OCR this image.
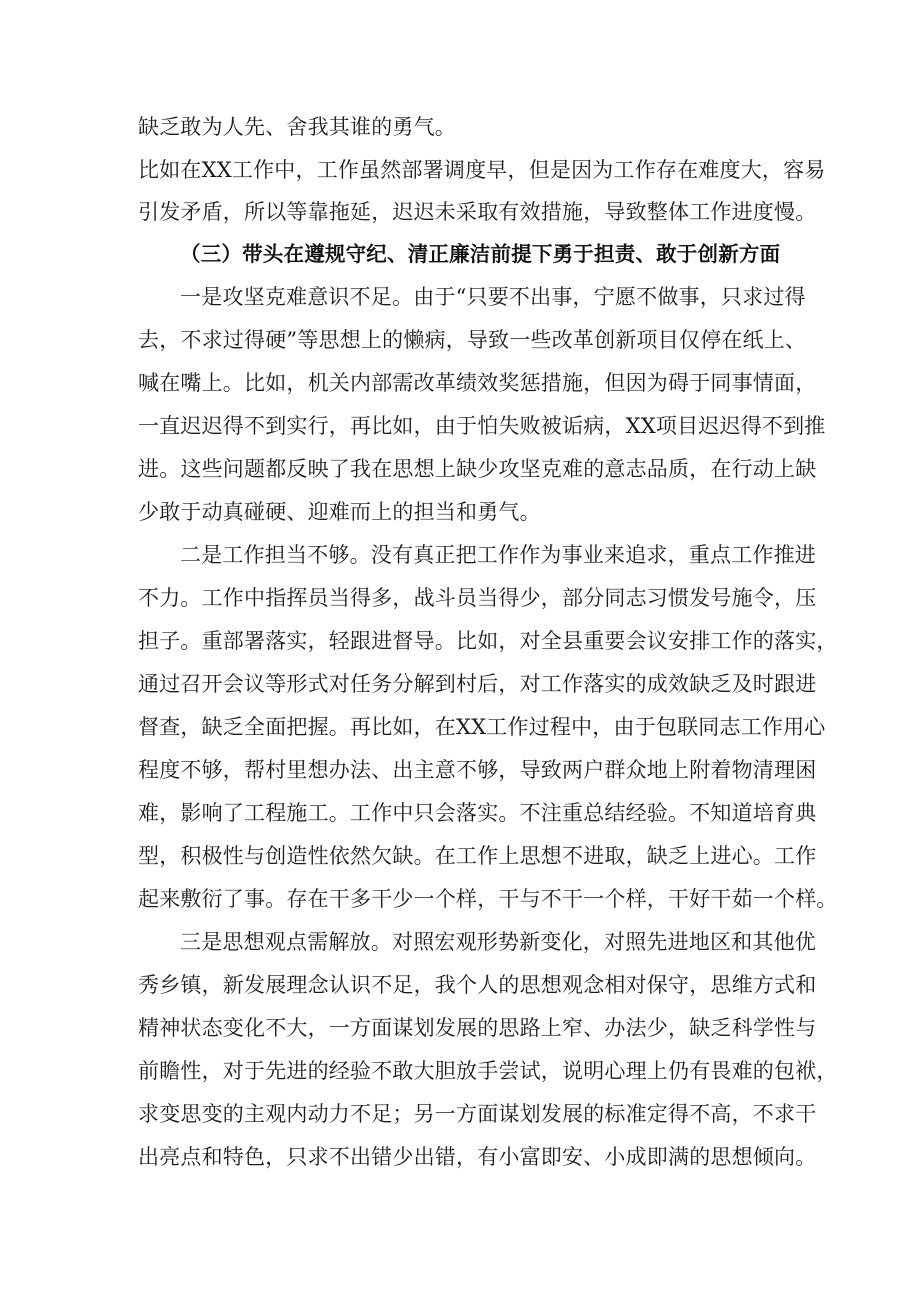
缺乏敢为人先、舍我其谁的勇气。
比如在XX工作中，工作虽然部署调度早，但是因为工作存在难度大，容易
引发矛盾，所以等靠拖延，迟迟未采取有效措施，导致整体工作进度慢。
（三）带头在遵规守纪、清正廉洁前提下勇于担责、敢于创新方面
一是攻坚克难意识不足。由于“只要不出事，宁愿不做事，只求过得
去，不求过得硬”等思想上的懒病，导致一些改革创新项目仅停在纸上、
喊在嘴上。比如，机关内部需改革绩效奖惩措施，但因为碍于同事情面，
一直迟迟得不到实行，再比如，由于怕失败被诟病，XX项目迟迟得不到推
进。这些问题都反映了我在思想上缺少攻坚克难的意志品质，在行动上缺
少敢于动真碰硬、迎难而上的担当和勇气。
二是工作担当不够。没有真正把工作作为事业来追求，重点工作推进
不力。工作中指挥员当得多，战斗员当得少，部分同志习惯发号施令，压
担子。重部署落实，轻跟进督导。比如，对全县重要会议安排工作的落实，
通过召开会议等形式对任务分解到村后，对工作落实的成效缺乏及时跟进
督查，缺乏全面把握。再比如，在XX工作过程中，由于包联同志工作用心
程度不够，帮村里想办法、出主意不够，导致两户群众地上附着物清理困
难，影响了工程施工。工作中只会落实。不注重总结经验。不知道培育典
型，积极性与创造性依然欠缺。在工作上思想不进取，缺乏上进心。工作
起来敷衍了事。存在干多干少一个样，干与不干一个样，干好干茹一个样。
三是思想观点需解放。对照宏观形势新变化，对照先进地区和其他优
秀乡镇，新发展理念认识不足，我个人的思想观念相对保守，思维方式和
精神状态变化不大，一方面谋划发展的思路上窄、办法少，缺乏科学性与
前瞻性，对于先进的经验不敢大胆放手尝试，说明心理上仍有畏难的包袱，
求变思变的主观内动力不足；另一方面谋划发展的标准定得不高，不求干
出亮点和特色，只求不出错少出错，有小富即安、小成即满的思想倾向。
